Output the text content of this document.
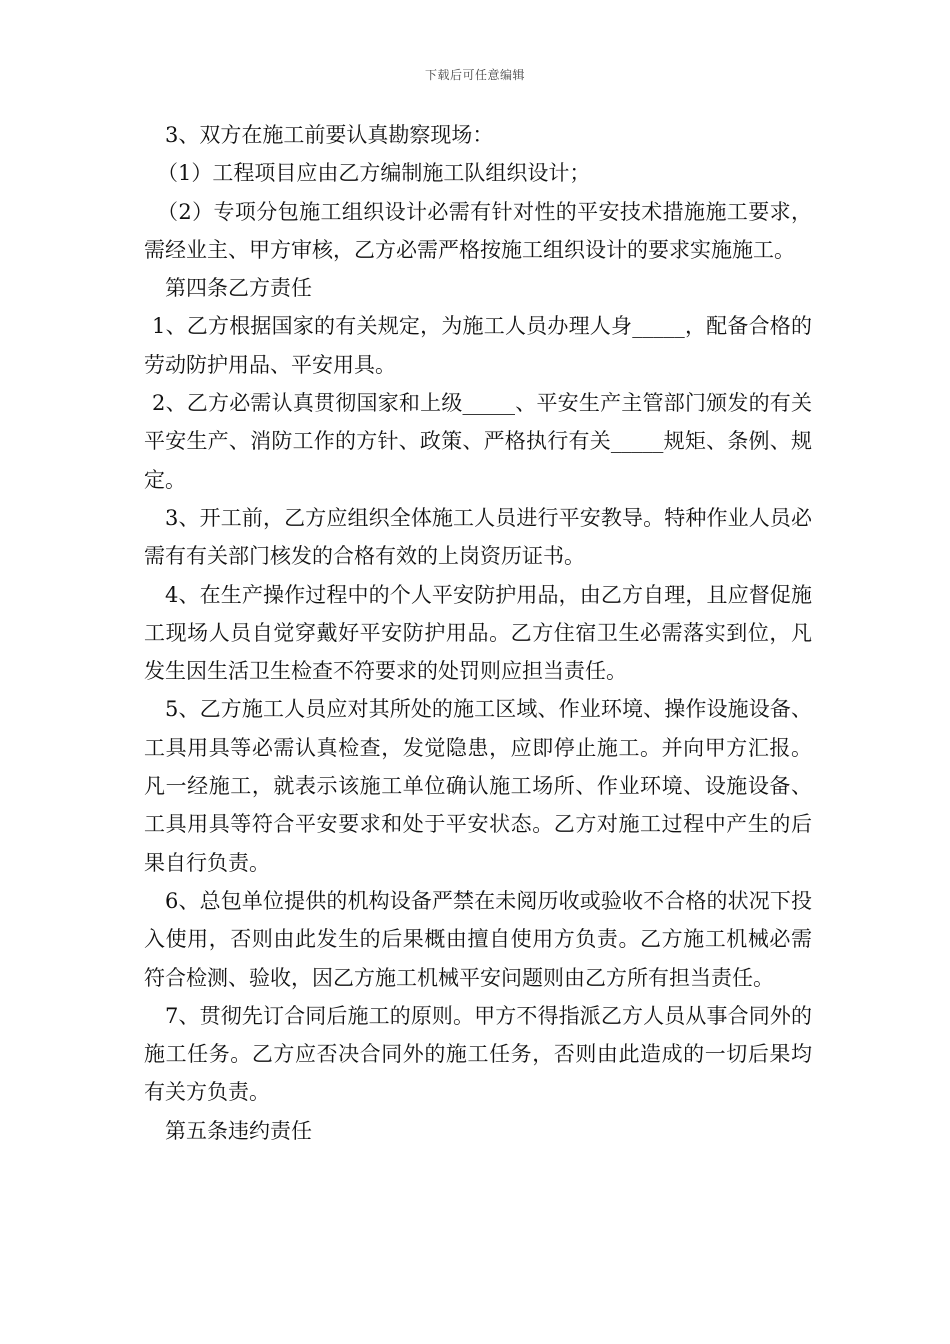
下载后可任意编辑

3、双方在施工前要认真勘察现场：

（1）工程项目应由乙方编制施工队组织设计；

（2）专项分包施工组织设计必需有针对性的平安技术措施施工要求，需经业主、甲方审核，乙方必需严格按施工组织设计的要求实施施工。

第四条乙方责任

1、乙方根据国家的有关规定，为施工人员办理人身_____，配备合格的劳动防护用品、平安用具。

2、乙方必需认真贯彻国家和上级_____、平安生产主管部门颁发的有关平安生产、消防工作的方针、政策、严格执行有关_____规矩、条例、规定。

3、开工前，乙方应组织全体施工人员进行平安教导。特种作业人员必需有有关部门核发的合格有效的上岗资历证书。

4、在生产操作过程中的个人平安防护用品，由乙方自理，且应督促施工现场人员自觉穿戴好平安防护用品。乙方住宿卫生必需落实到位，凡发生因生活卫生检查不符要求的处罚则应担当责任。

5、乙方施工人员应对其所处的施工区域、作业环境、操作设施设备、工具用具等必需认真检查，发觉隐患，应即停止施工。并向甲方汇报。凡一经施工，就表示该施工单位确认施工场所、作业环境、设施设备、工具用具等符合平安要求和处于平安状态。乙方对施工过程中产生的后果自行负责。

6、总包单位提供的机构设备严禁在未阅历收或验收不合格的状况下投入使用，否则由此发生的后果概由擅自使用方负责。乙方施工机械必需符合检测、验收，因乙方施工机械平安问题则由乙方所有担当责任。

7、贯彻先订合同后施工的原则。甲方不得指派乙方人员从事合同外的施工任务。乙方应否决合同外的施工任务，否则由此造成的一切后果均有关方负责。

第五条违约责任
